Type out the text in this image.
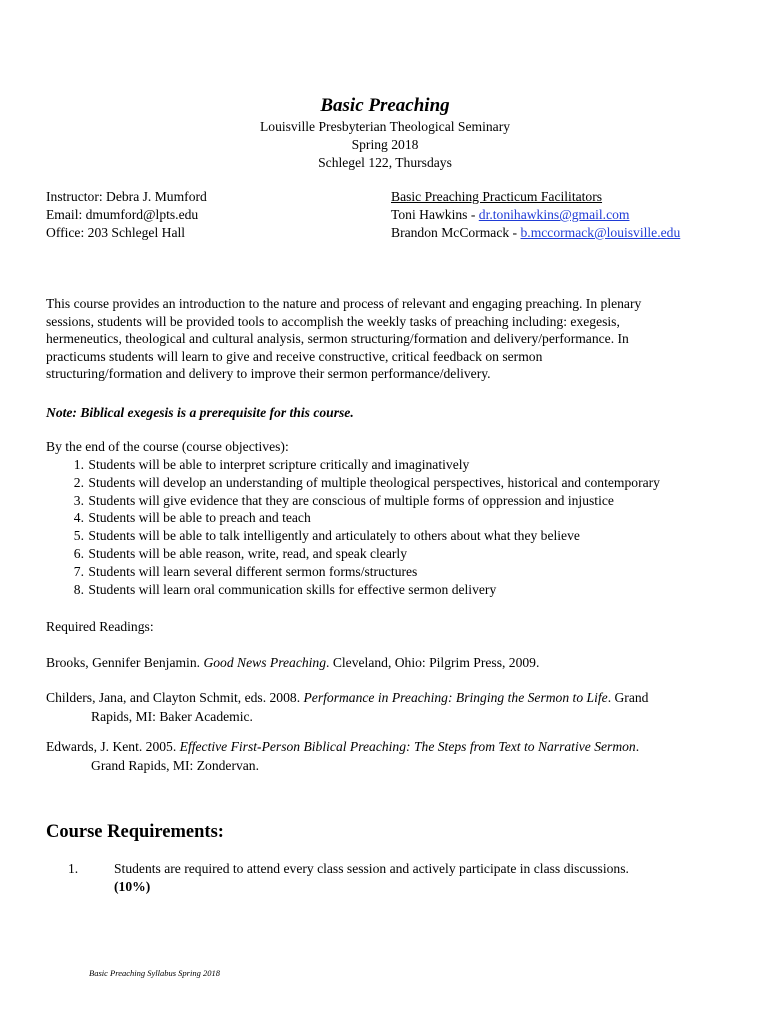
Basic Preaching
Louisville Presbyterian Theological Seminary
Spring 2018
Schlegel 122, Thursdays
Instructor: Debra J. Mumford
Email: dmumford@lpts.edu
Office: 203 Schlegel Hall
Basic Preaching Practicum Facilitators
Toni Hawkins - dr.tonihawkins@gmail.com
Brandon McCormack - b.mccormack@louisville.edu
This course provides an introduction to the nature and process of relevant and engaging preaching. In plenary
sessions, students will be provided tools to accomplish the weekly tasks of preaching including: exegesis,
hermeneutics, theological and cultural analysis, sermon structuring/formation and delivery/performance. In
practicums students will learn to give and receive constructive, critical feedback on sermon
structuring/formation and delivery to improve their sermon performance/delivery.
Note: Biblical exegesis is a prerequisite for this course.
By the end of the course (course objectives):
1. Students will be able to interpret scripture critically and imaginatively
2. Students will develop an understanding of multiple theological perspectives, historical and contemporary
3. Students will give evidence that they are conscious of multiple forms of oppression and injustice
4. Students will be able to preach and teach
5. Students will be able to talk intelligently and articulately to others about what they believe
6. Students will be able reason, write, read, and speak clearly
7. Students will learn several different sermon forms/structures
8. Students will learn oral communication skills for effective sermon delivery
Required Readings:
Brooks, Gennifer Benjamin. Good News Preaching. Cleveland, Ohio: Pilgrim Press, 2009.
Childers, Jana, and Clayton Schmit, eds. 2008. Performance in Preaching: Bringing the Sermon to Life. Grand
Rapids, MI: Baker Academic.
Edwards, J. Kent. 2005. Effective First-Person Biblical Preaching: The Steps from Text to Narrative Sermon.
Grand Rapids, MI: Zondervan.
Course Requirements:
1.	Students are required to attend every class session and actively participate in class discussions.
(10%)
Basic Preaching Syllabus Spring 2018
